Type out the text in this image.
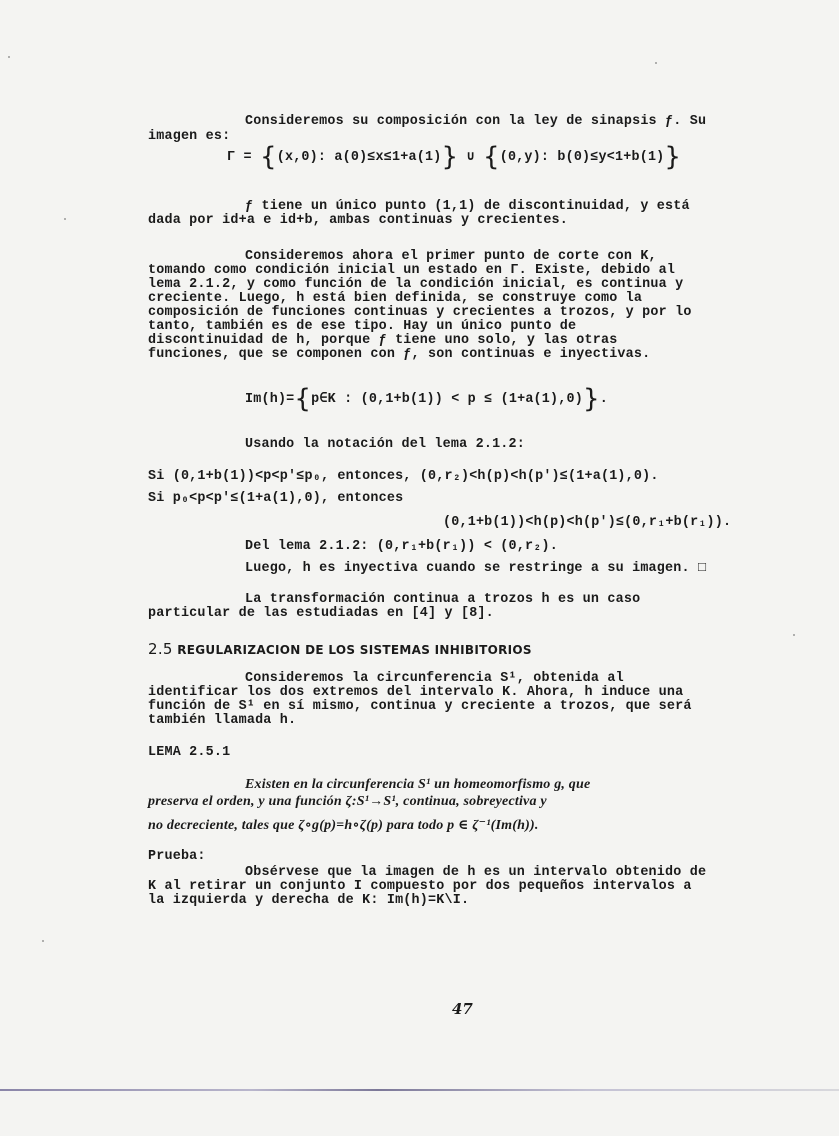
Consideremos su composición con la ley de sinapsis ƒ. Su
imagen es:
Γ = {(x,0): a(0)≤x≤1+a(1)} ∪ {(0,y): b(0)≤y<1+b(1)}
ƒ tiene un único punto (1,1) de discontinuidad, y está
dada por id+a e id+b, ambas continuas y crecientes.
Consideremos ahora el primer punto de corte con K,
tomando como condición inicial un estado en Γ. Existe, debido al
lema 2.1.2, y como función de la condición inicial, es continua y
creciente. Luego, h está bien definida, se construye como la
composición de funciones continuas y crecientes a trozos, y por lo
tanto, también es de ese tipo. Hay un único punto de
discontinuidad de h, porque ƒ tiene uno solo, y las otras
funciones, que se componen con ƒ, son continuas e inyectivas.
Im(h)={p∈K : (0,1+b(1)) < p ≤ (1+a(1),0)}.
Usando la notación del lema 2.1.2:
Si (0,1+b(1))<p<p'≤p₀, entonces, (0,r₂)<h(p)<h(p')≤(1+a(1),0).
Si p₀<p<p'≤(1+a(1),0), entonces
(0,1+b(1))<h(p)<h(p')≤(0,r₁+b(r₁)).
Del lema 2.1.2: (0,r₁+b(r₁)) < (0,r₂).
Luego, h es inyectiva cuando se restringe a su imagen. □
La transformación continua a trozos h es un caso
particular de las estudiadas en [4] y [8].
2.5 REGULARIZACION DE LOS SISTEMAS INHIBITORIOS
Consideremos la circunferencia S¹, obtenida al
identificar los dos extremos del intervalo K. Ahora, h induce una
función de S¹ en sí mismo, continua y creciente a trozos, que será
también llamada h.
LEMA 2.5.1
Existen en la circunferencia S¹ un homeomorfismo g, que
preserva el orden, y una función ζ:S¹→S¹, continua, sobreyectiva y
no decreciente, tales que ζ∘g(p)=h∘ζ(p) para todo p ∈ ζ⁻¹(Im(h)).
Prueba:
Obsérvese que la imagen de h es un intervalo obtenido de
K al retirar un conjunto I compuesto por dos pequeños intervalos a
la izquierda y derecha de K: Im(h)=K\I.
47
